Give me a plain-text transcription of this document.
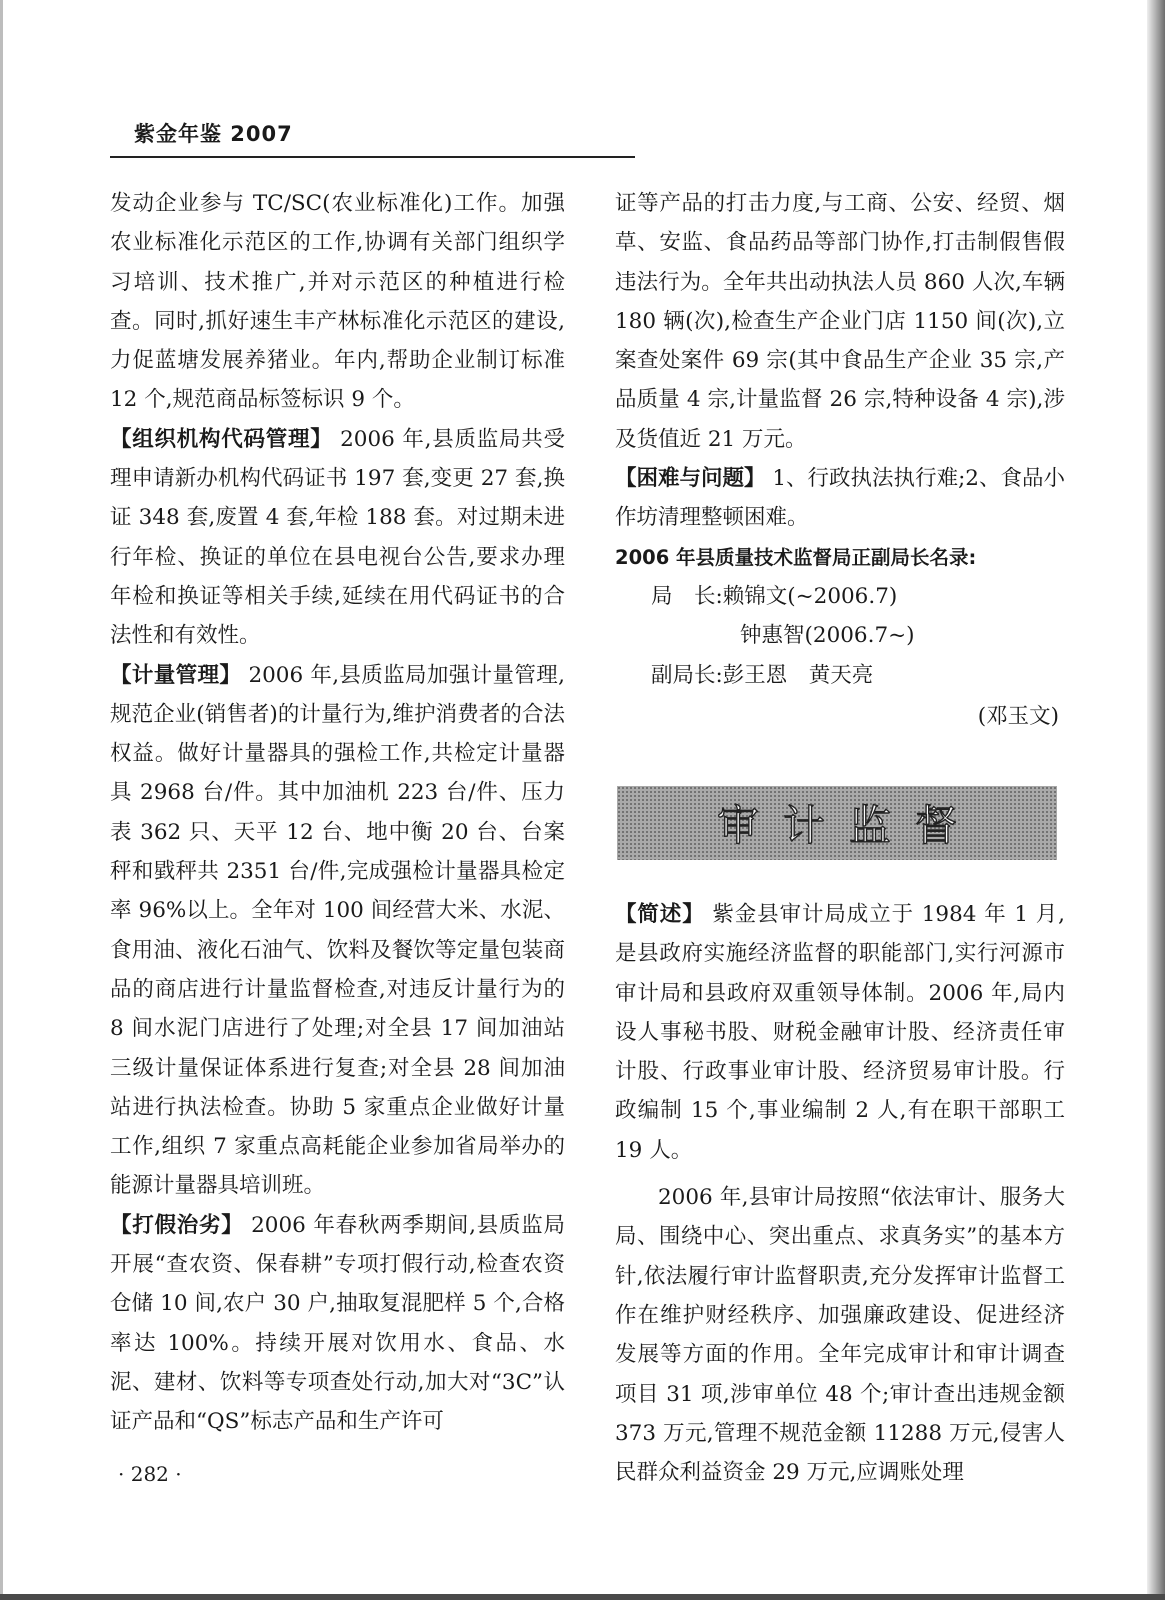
紫金年鉴 2007

发动企业参与 TC/SC(农业标准化)工作。加强农业标准化示范区的工作,协调有关部门组织学习培训、技术推广,并对示范区的种植进行检查。同时,抓好速生丰产林标准化示范区的建设,力促蓝塘发展养猪业。年内,帮助企业制订标准 12 个,规范商品标签标识 9 个。

【组织机构代码管理】 2006 年,县质监局共受理申请新办机构代码证书 197 套,变更 27 套,换证 348 套,废置 4 套,年检 188 套。对过期未进行年检、换证的单位在县电视台公告,要求办理年检和换证等相关手续,延续在用代码证书的合法性和有效性。

【计量管理】 2006 年,县质监局加强计量管理,规范企业(销售者)的计量行为,维护消费者的合法权益。做好计量器具的强检工作,共检定计量器具 2968 台/件。其中加油机 223 台/件、压力表 362 只、天平 12 台、地中衡 20 台、台案秤和戥秤共 2351 台/件,完成强检计量器具检定率 96%以上。全年对 100 间经营大米、水泥、食用油、液化石油气、饮料及餐饮等定量包装商品的商店进行计量监督检查,对违反计量行为的 8 间水泥门店进行了处理;对全县 17 间加油站三级计量保证体系进行复查;对全县 28 间加油站进行执法检查。协助 5 家重点企业做好计量工作,组织 7 家重点高耗能企业参加省局举办的能源计量器具培训班。

【打假治劣】 2006 年春秋两季期间,县质监局开展“查农资、保春耕”专项打假行动,检查农资仓储 10 间,农户 30 户,抽取复混肥样 5 个,合格率达 100%。持续开展对饮用水、食品、水泥、建材、饮料等专项查处行动,加大对“3C”认证产品和“QS”标志产品和生产许可

证等产品的打击力度,与工商、公安、经贸、烟草、安监、食品药品等部门协作,打击制假售假违法行为。全年共出动执法人员 860 人次,车辆 180 辆(次),检查生产企业门店 1150 间(次),立案查处案件 69 宗(其中食品生产企业 35 宗,产品质量 4 宗,计量监督 26 宗,特种设备 4 宗),涉及货值近 21 万元。

【困难与问题】 1、行政执法执行难;2、食品小作坊清理整顿困难。

2006 年县质量技术监督局正副局长名录:

局　长:赖锦文(~2006.7)

钟惠智(2006.7~)

副局长:彭王恩　黄天亮

(邓玉文)

审计监督

【简述】 紫金县审计局成立于 1984 年 1 月,是县政府实施经济监督的职能部门,实行河源市审计局和县政府双重领导体制。2006 年,局内设人事秘书股、财税金融审计股、经济责任审计股、行政事业审计股、经济贸易审计股。行政编制 15 个,事业编制 2 人,有在职干部职工 19 人。

2006 年,县审计局按照“依法审计、服务大局、围绕中心、突出重点、求真务实”的基本方针,依法履行审计监督职责,充分发挥审计监督工作在维护财经秩序、加强廉政建设、促进经济发展等方面的作用。全年完成审计和审计调查项目 31 项,涉审单位 48 个;审计查出违规金额 373 万元,管理不规范金额 11288 万元,侵害人民群众利益资金 29 万元,应调账处理

· 282 ·
